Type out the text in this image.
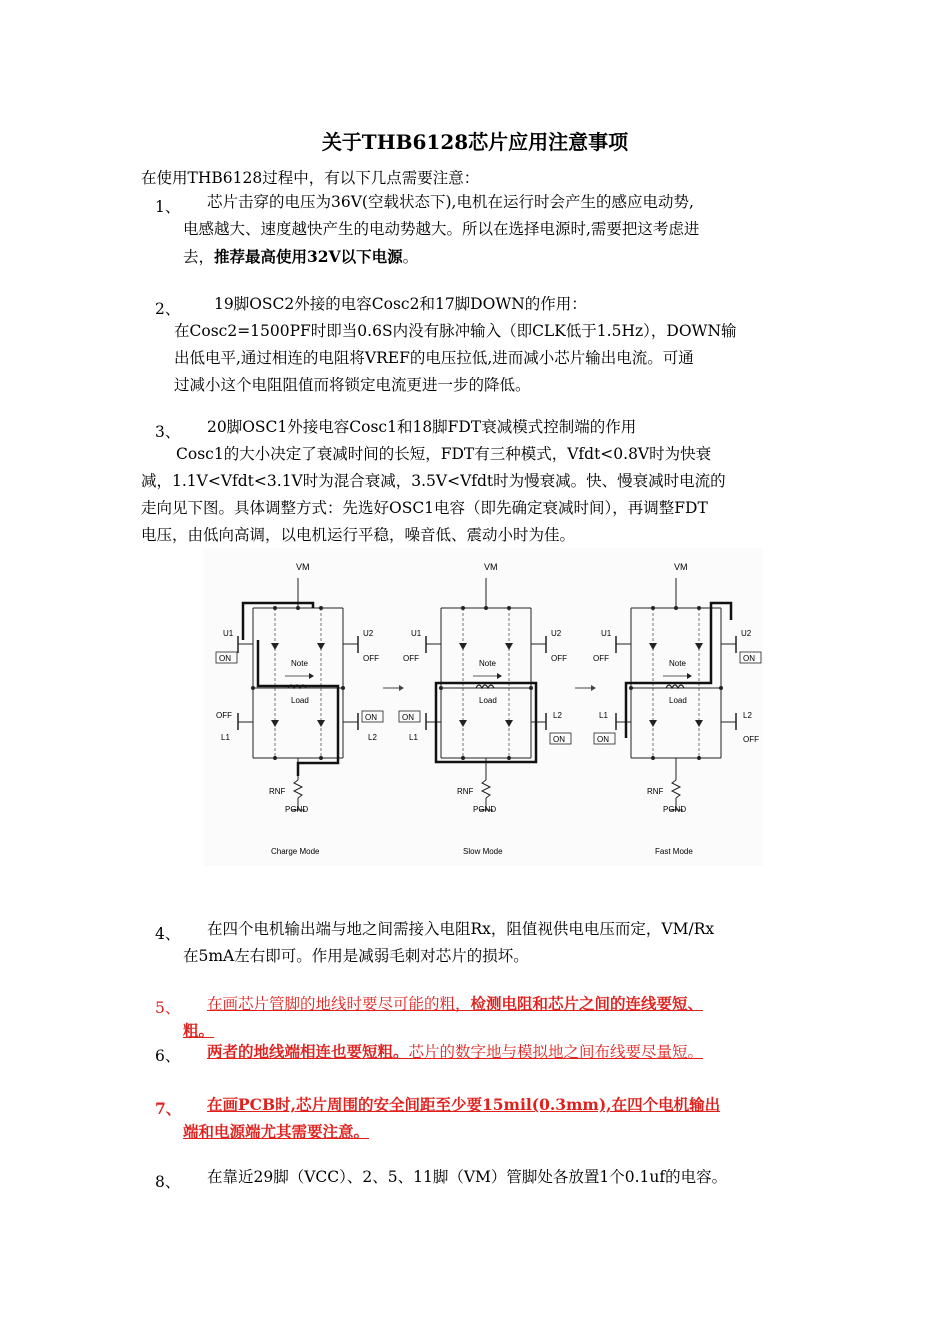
关于THB6128芯片应用注意事项
在使用THB6128过程中，有以下几点需要注意：
1、 芯片击穿的电压为36V(空载状态下),电机在运行时会产生的感应电动势,
电感越大、速度越快产生的电动势越大。所以在选择电源时,需要把这考虑进
去，推荐最高使用32V以下电源。
2、 19脚OSC2外接的电容Cosc2和17脚DOWN的作用：
在Cosc2=1500PF时即当0.6S内没有脉冲输入（即CLK低于1.5Hz），DOWN输
出低电平,通过相连的电阻将VREF的电压拉低,进而减小芯片输出电流。可通
过减小这个电阻阻值而将锁定电流更进一步的降低。
3、 20脚OSC1外接电容Cosc1和18脚FDT衰减模式控制端的作用
Cosc1的大小决定了衰减时间的长短，FDT有三种模式，Vfdt<0.8V时为快衰
减，1.1V<Vfdt<3.1V时为混合衰减，3.5V<Vfdt时为慢衰减。快、慢衰减时电流的
走向见下图。具体调整方式：先选好OSC1电容（即先确定衰减时间），再调整FDT
电压，由低向高调，以电机运行平稳，噪音低、震动小时为佳。
VM
U1
ON
U2
OFF
Note
Load
OFF
L1
ON
L2
RNF
PGND
Charge Mode
VM
U1
OFF
U2
OFF
Note
Load
ON
L1
L2
ON
RNF
PGND
Slow Mode
VM
U1
OFF
U2
ON
Note
Load
L1
ON
L2
OFF
RNF
PGND
Fast Mode
4、 在四个电机输出端与地之间需接入电阻Rx，阻值视供电电压而定，VM/Rx
在5mA左右即可。作用是减弱毛刺对芯片的损坏。
5、 在画芯片管脚的地线时要尽可能的粗，检测电阻和芯片之间的连线要短、
粗。
6、 两者的地线端相连也要短粗。芯片的数字地与模拟地之间布线要尽量短。
7、 在画PCB时,芯片周围的安全间距至少要15mil(0.3mm),在四个电机输出
端和电源端尤其需要注意。
8、 在靠近29脚（VCC）、2、5、11脚（VM）管脚处各放置1个0.1uf的电容。
